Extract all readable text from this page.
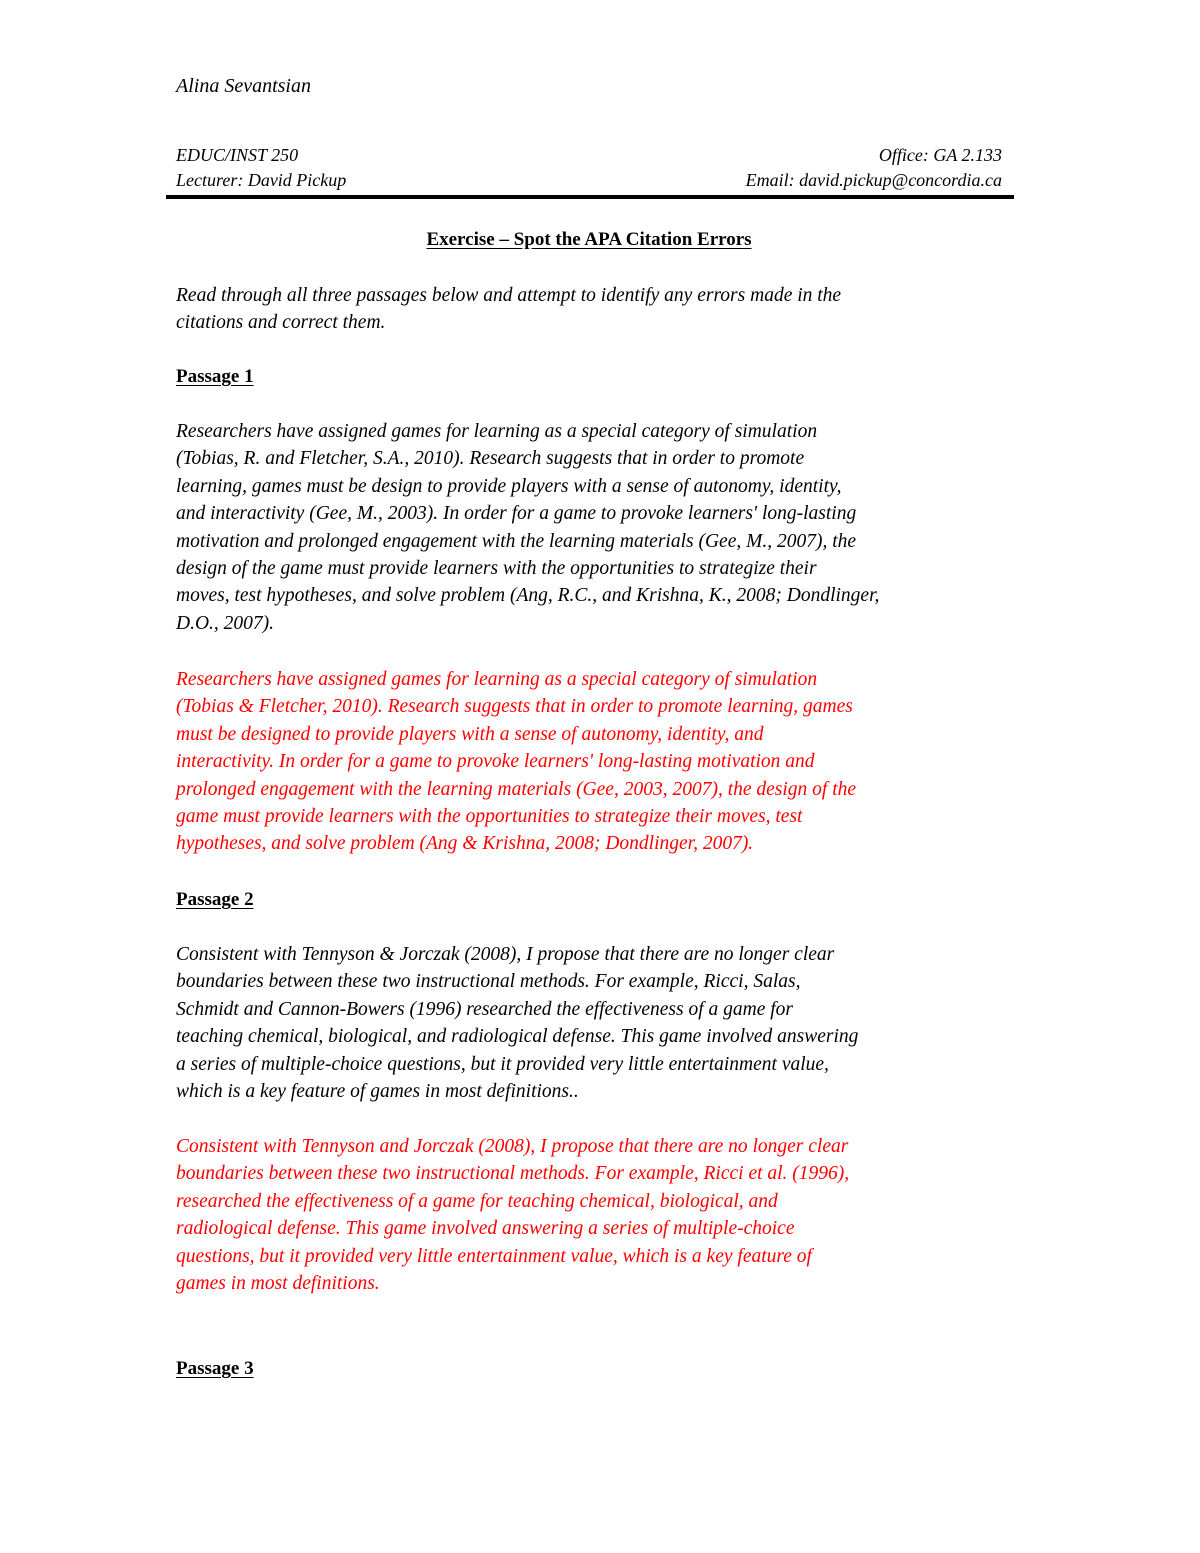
Alina Sevantsian
EDUC/INST 250	Office: GA 2.133
Lecturer: David Pickup	Email: david.pickup@concordia.ca
Exercise – Spot the APA Citation Errors
Read through all three passages below and attempt to identify any errors made in the
citations and correct them.
Passage 1
Researchers have assigned games for learning as a special category of simulation
(Tobias, R. and Fletcher, S.A., 2010). Research suggests that in order to promote
learning, games must be design to provide players with a sense of autonomy, identity,
and interactivity (Gee, M., 2003). In order for a game to provoke learners' long-lasting
motivation and prolonged engagement with the learning materials (Gee, M., 2007), the
design of the game must provide learners with the opportunities to strategize their
moves, test hypotheses, and solve problem (Ang, R.C., and Krishna, K., 2008; Dondlinger,
D.O., 2007).
Researchers have assigned games for learning as a special category of simulation
(Tobias & Fletcher, 2010). Research suggests that in order to promote learning, games
must be designed to provide players with a sense of autonomy, identity, and
interactivity. In order for a game to provoke learners' long-lasting motivation and
prolonged engagement with the learning materials (Gee, 2003, 2007), the design of the
game must provide learners with the opportunities to strategize their moves, test
hypotheses, and solve problem (Ang & Krishna, 2008; Dondlinger, 2007).
Passage 2
Consistent with Tennyson & Jorczak (2008), I propose that there are no longer clear
boundaries between these two instructional methods. For example, Ricci, Salas,
Schmidt and Cannon-Bowers (1996) researched the effectiveness of a game for
teaching chemical, biological, and radiological defense. This game involved answering
a series of multiple-choice questions, but it provided very little entertainment value,
which is a key feature of games in most definitions..
Consistent with Tennyson and Jorczak (2008), I propose that there are no longer clear
boundaries between these two instructional methods. For example, Ricci et al. (1996),
researched the effectiveness of a game for teaching chemical, biological, and
radiological defense. This game involved answering a series of multiple-choice
questions, but it provided very little entertainment value, which is a key feature of
games in most definitions.
Passage 3
